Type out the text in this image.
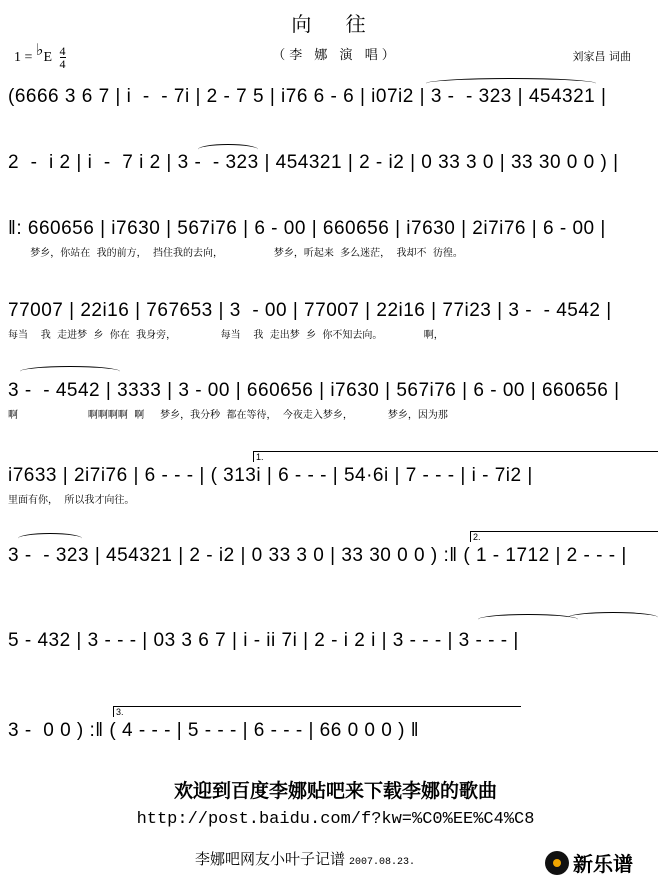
向 往
（李 娜 演 唱）
1 = ♭E $\frac{4}{4}$	刘家昌 词曲
(6666 3 6 7 | i  -  - 7i | 2 - 7 5 | i76 6 - 6 | i07i2 | 3 -  - 323 | 454321 |
2  -  i 2 | i  -  7 i 2 | 3 -  - 323 | 454321 | 2 - i2 | 0 33 3 0 | 33 30 0 0 ) |
‖: 660656 | i7630 | 567i76 | 6 - 00 | 660656 | i7630 | 2i7i76 | 6 - 00 |
梦乡，你站在  我的前方，  挡住我的去向，                梦乡，听起来  多么迷茫，  我却不  彷徨。
77007 | 22i16 | 767653 | 3  - 00 | 77007 | 22i16 | 77i23 | 3 -  - 4542 |
每当    我  走进梦  乡  你在  我身旁，              每当    我  走出梦  乡  你不知去向。             啊，
3 -  - 4542 | 3333 | 3 - 00 | 660656 | i7630 | 567i76 | 6 - 00 | 660656 |
啊                      啊啊啊啊  啊     梦乡，我分秒  都在等待，  今夜走入梦乡，           梦乡，因为那
i7633 | 2i7i76 | 6 - - - | ( 313i | 6 - - - | 54·6i | 7 - - - | i - 7i2 |
里面有你，  所以我才向往。
1.
3 -  - 323 | 454321 | 2 - i2 | 0 33 3 0 | 33 30 0 0 ) :‖ ( 1 - 1712 | 2 - - - |
2.
5 - 432 | 3 - - - | 03 3 6 7 | i - ii 7i | 2 - i 2 i | 3 - - - | 3 - - - |
3 -  0 0 ) :‖ ( 4 - - - | 5 - - - | 6 - - - | 66 0 0 0 ) ‖
3.
欢迎到百度李娜贴吧来下载李娜的歌曲
http://post.baidu.com/f?kw=%C0%EE%C4%C8
李娜吧网友小叶子记谱 2007.08.23.	新乐谱
